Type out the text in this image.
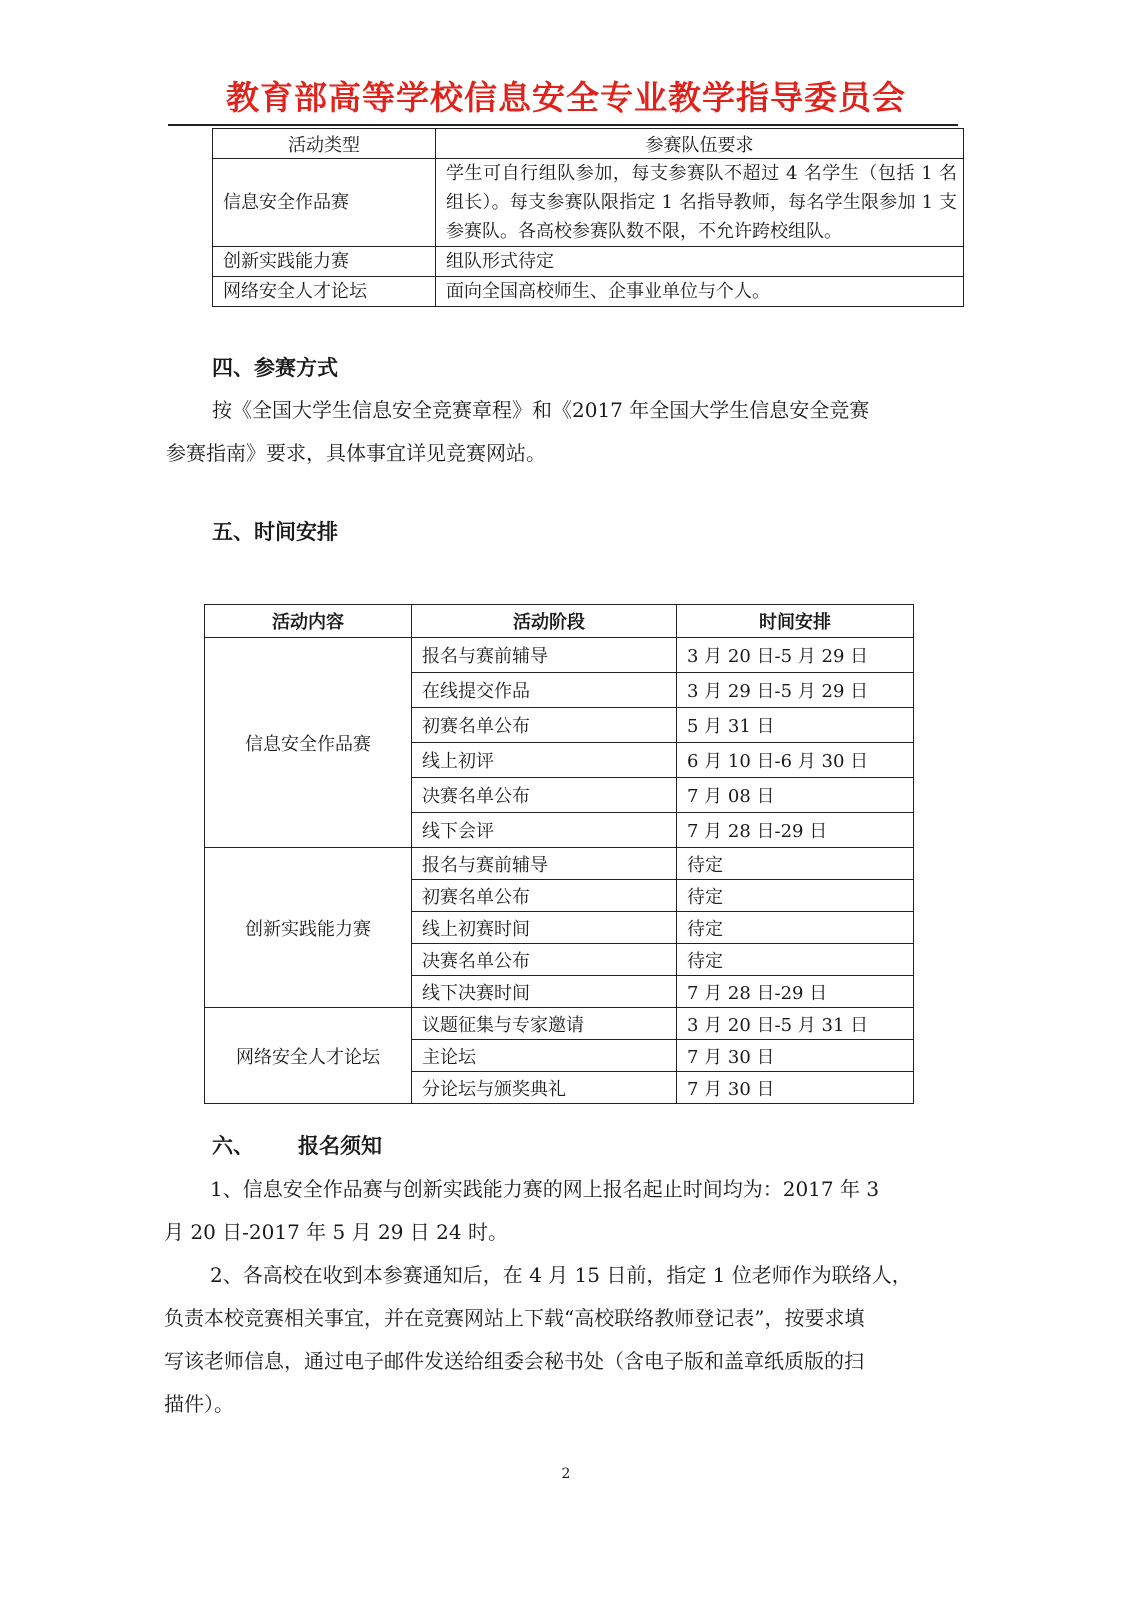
教育部高等学校信息安全专业教学指导委员会
活动类型	参赛队伍要求
信息安全作品赛	学生可自行组队参加，每支参赛队不超过 4 名学生（包括 1 名组长）。每支参赛队限指定 1 名指导教师，每名学生限参加 1 支参赛队。各高校参赛队数不限，不允许跨校组队。
创新实践能力赛	组队形式待定
网络安全人才论坛	面向全国高校师生、企事业单位与个人。
四、参赛方式
按《全国大学生信息安全竞赛章程》和《2017 年全国大学生信息安全竞赛
参赛指南》要求，具体事宜详见竞赛网站。
五、时间安排
活动内容	活动阶段	时间安排
信息安全作品赛	报名与赛前辅导	3 月 20 日-5 月 29 日
	在线提交作品	3 月 29 日-5 月 29 日
	初赛名单公布	5 月 31 日
	线上初评	6 月 10 日-6 月 30 日
	决赛名单公布	7 月 08 日
	线下会评	7 月 28 日-29 日
创新实践能力赛	报名与赛前辅导	待定
	初赛名单公布	待定
	线上初赛时间	待定
	决赛名单公布	待定
	线下决赛时间	7 月 28 日-29 日
网络安全人才论坛	议题征集与专家邀请	3 月 20 日-5 月 31 日
	主论坛	7 月 30 日
	分论坛与颁奖典礼	7 月 30 日
六、 报名须知
1、信息安全作品赛与创新实践能力赛的网上报名起止时间均为：2017 年 3
月 20 日-2017 年 5 月 29 日 24 时。
2、各高校在收到本参赛通知后，在 4 月 15 日前，指定 1 位老师作为联络人，
负责本校竞赛相关事宜，并在竞赛网站上下载“高校联络教师登记表”，按要求填
写该老师信息，通过电子邮件发送给组委会秘书处（含电子版和盖章纸质版的扫
描件）。
2
